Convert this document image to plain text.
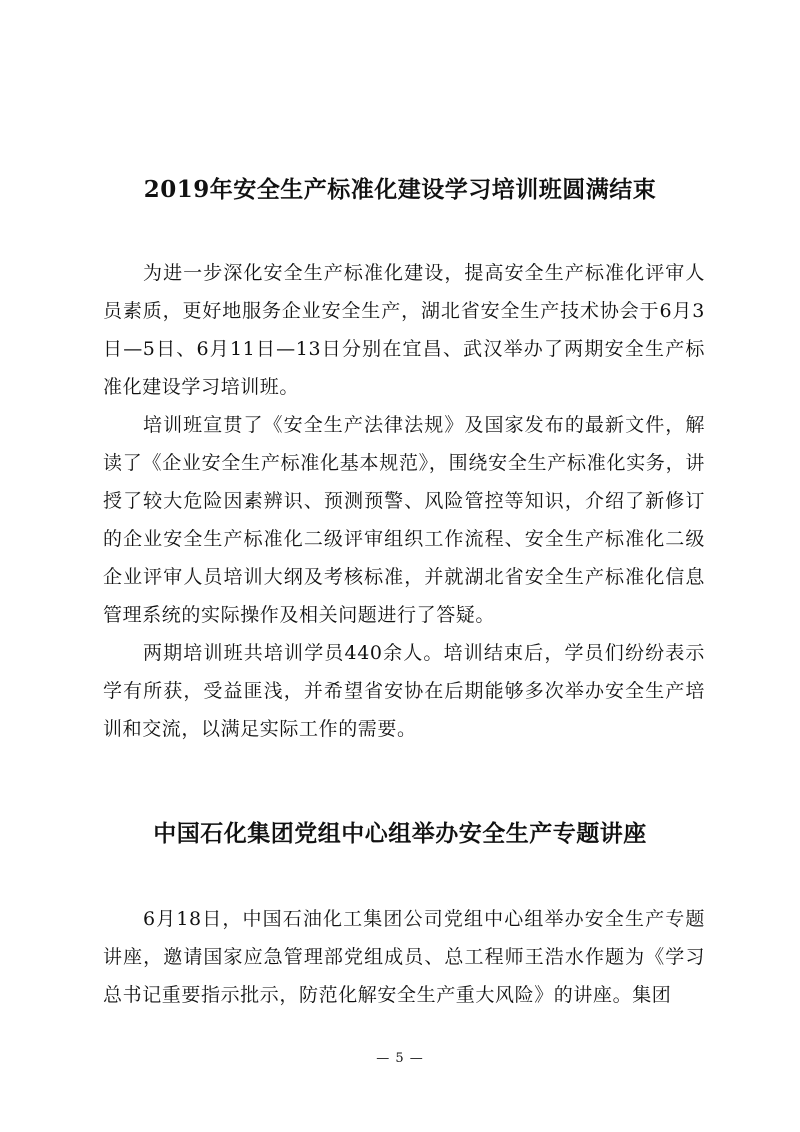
2019年安全生产标准化建设学习培训班圆满结束

为进一步深化安全生产标准化建设，提高安全生产标准化评审人员素质，更好地服务企业安全生产，湖北省安全生产技术协会于6月3日—5日、6月11日—13日分别在宜昌、武汉举办了两期安全生产标准化建设学习培训班。

培训班宣贯了《安全生产法律法规》及国家发布的最新文件，解读了《企业安全生产标准化基本规范》，围绕安全生产标准化实务，讲授了较大危险因素辨识、预测预警、风险管控等知识，介绍了新修订的企业安全生产标准化二级评审组织工作流程、安全生产标准化二级企业评审人员培训大纲及考核标准，并就湖北省安全生产标准化信息管理系统的实际操作及相关问题进行了答疑。

两期培训班共培训学员440余人。培训结束后，学员们纷纷表示学有所获，受益匪浅，并希望省安协在后期能够多次举办安全生产培训和交流，以满足实际工作的需要。

中国石化集团党组中心组举办安全生产专题讲座

6月18日，中国石油化工集团公司党组中心组举办安全生产专题讲座，邀请国家应急管理部党组成员、总工程师王浩水作题为《学习总书记重要指示批示，防范化解安全生产重大风险》的讲座。集团

— 5 —
